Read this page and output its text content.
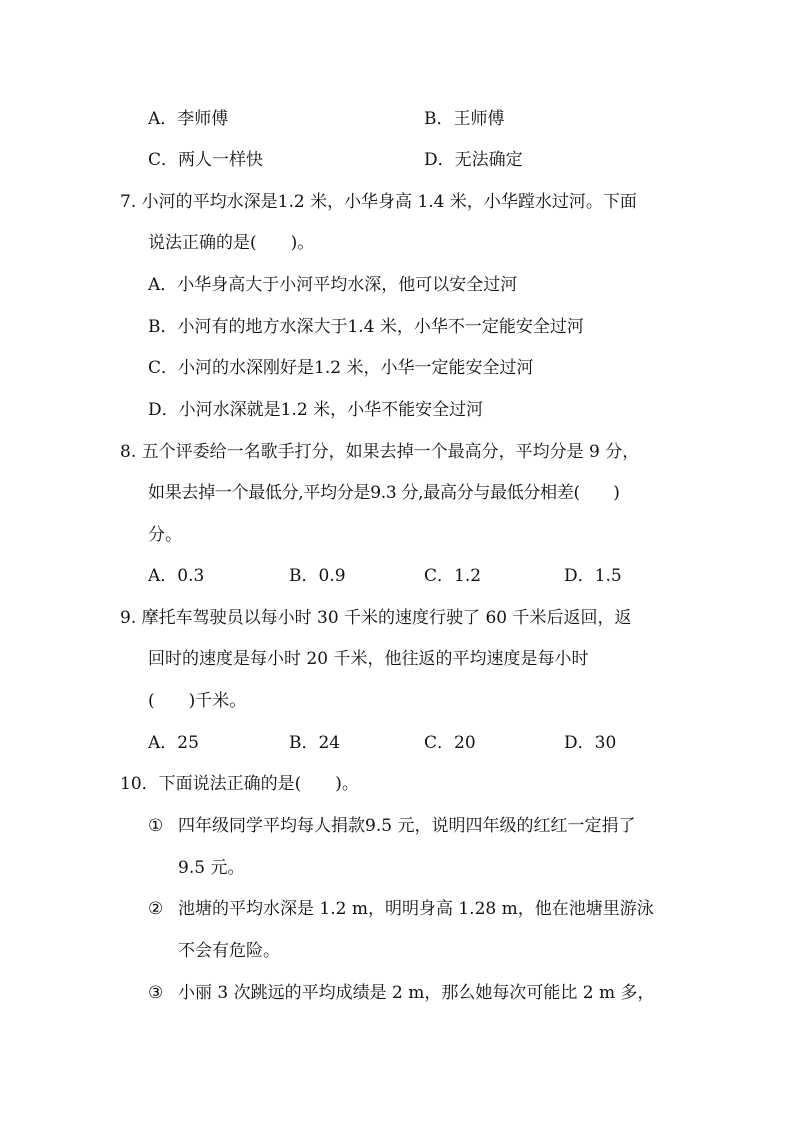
A．李师傅	B．王师傅
C．两人一样快	D．无法确定
7. 小河的平均水深是1.2 米，小华身高 1.4 米，小华蹚水过河。下面
说法正确的是(　　)。
A．小华身高大于小河平均水深，他可以安全过河
B．小河有的地方水深大于1.4 米，小华不一定能安全过河
C．小河的水深刚好是1.2 米，小华一定能安全过河
D．小河水深就是1.2 米，小华不能安全过河
8. 五个评委给一名歌手打分，如果去掉一个最高分，平均分是 9 分，
如果去掉一个最低分,平均分是9.3 分,最高分与最低分相差(　　)
分。
A．0.3	B．0.9	C．1.2	D．1.5
9. 摩托车驾驶员以每小时 30 千米的速度行驶了 60 千米后返回，返
回时的速度是每小时 20 千米，他往返的平均速度是每小时
(　　)千米。
A．25	B．24	C．20	D．30
10．下面说法正确的是(　　)。
① 四年级同学平均每人捐款9.5 元，说明四年级的红红一定捐了
9.5 元。
② 池塘的平均水深是 1.2 m，明明身高 1.28 m，他在池塘里游泳
不会有危险。
③ 小丽 3 次跳远的平均成绩是 2 m，那么她每次可能比 2 m 多，
